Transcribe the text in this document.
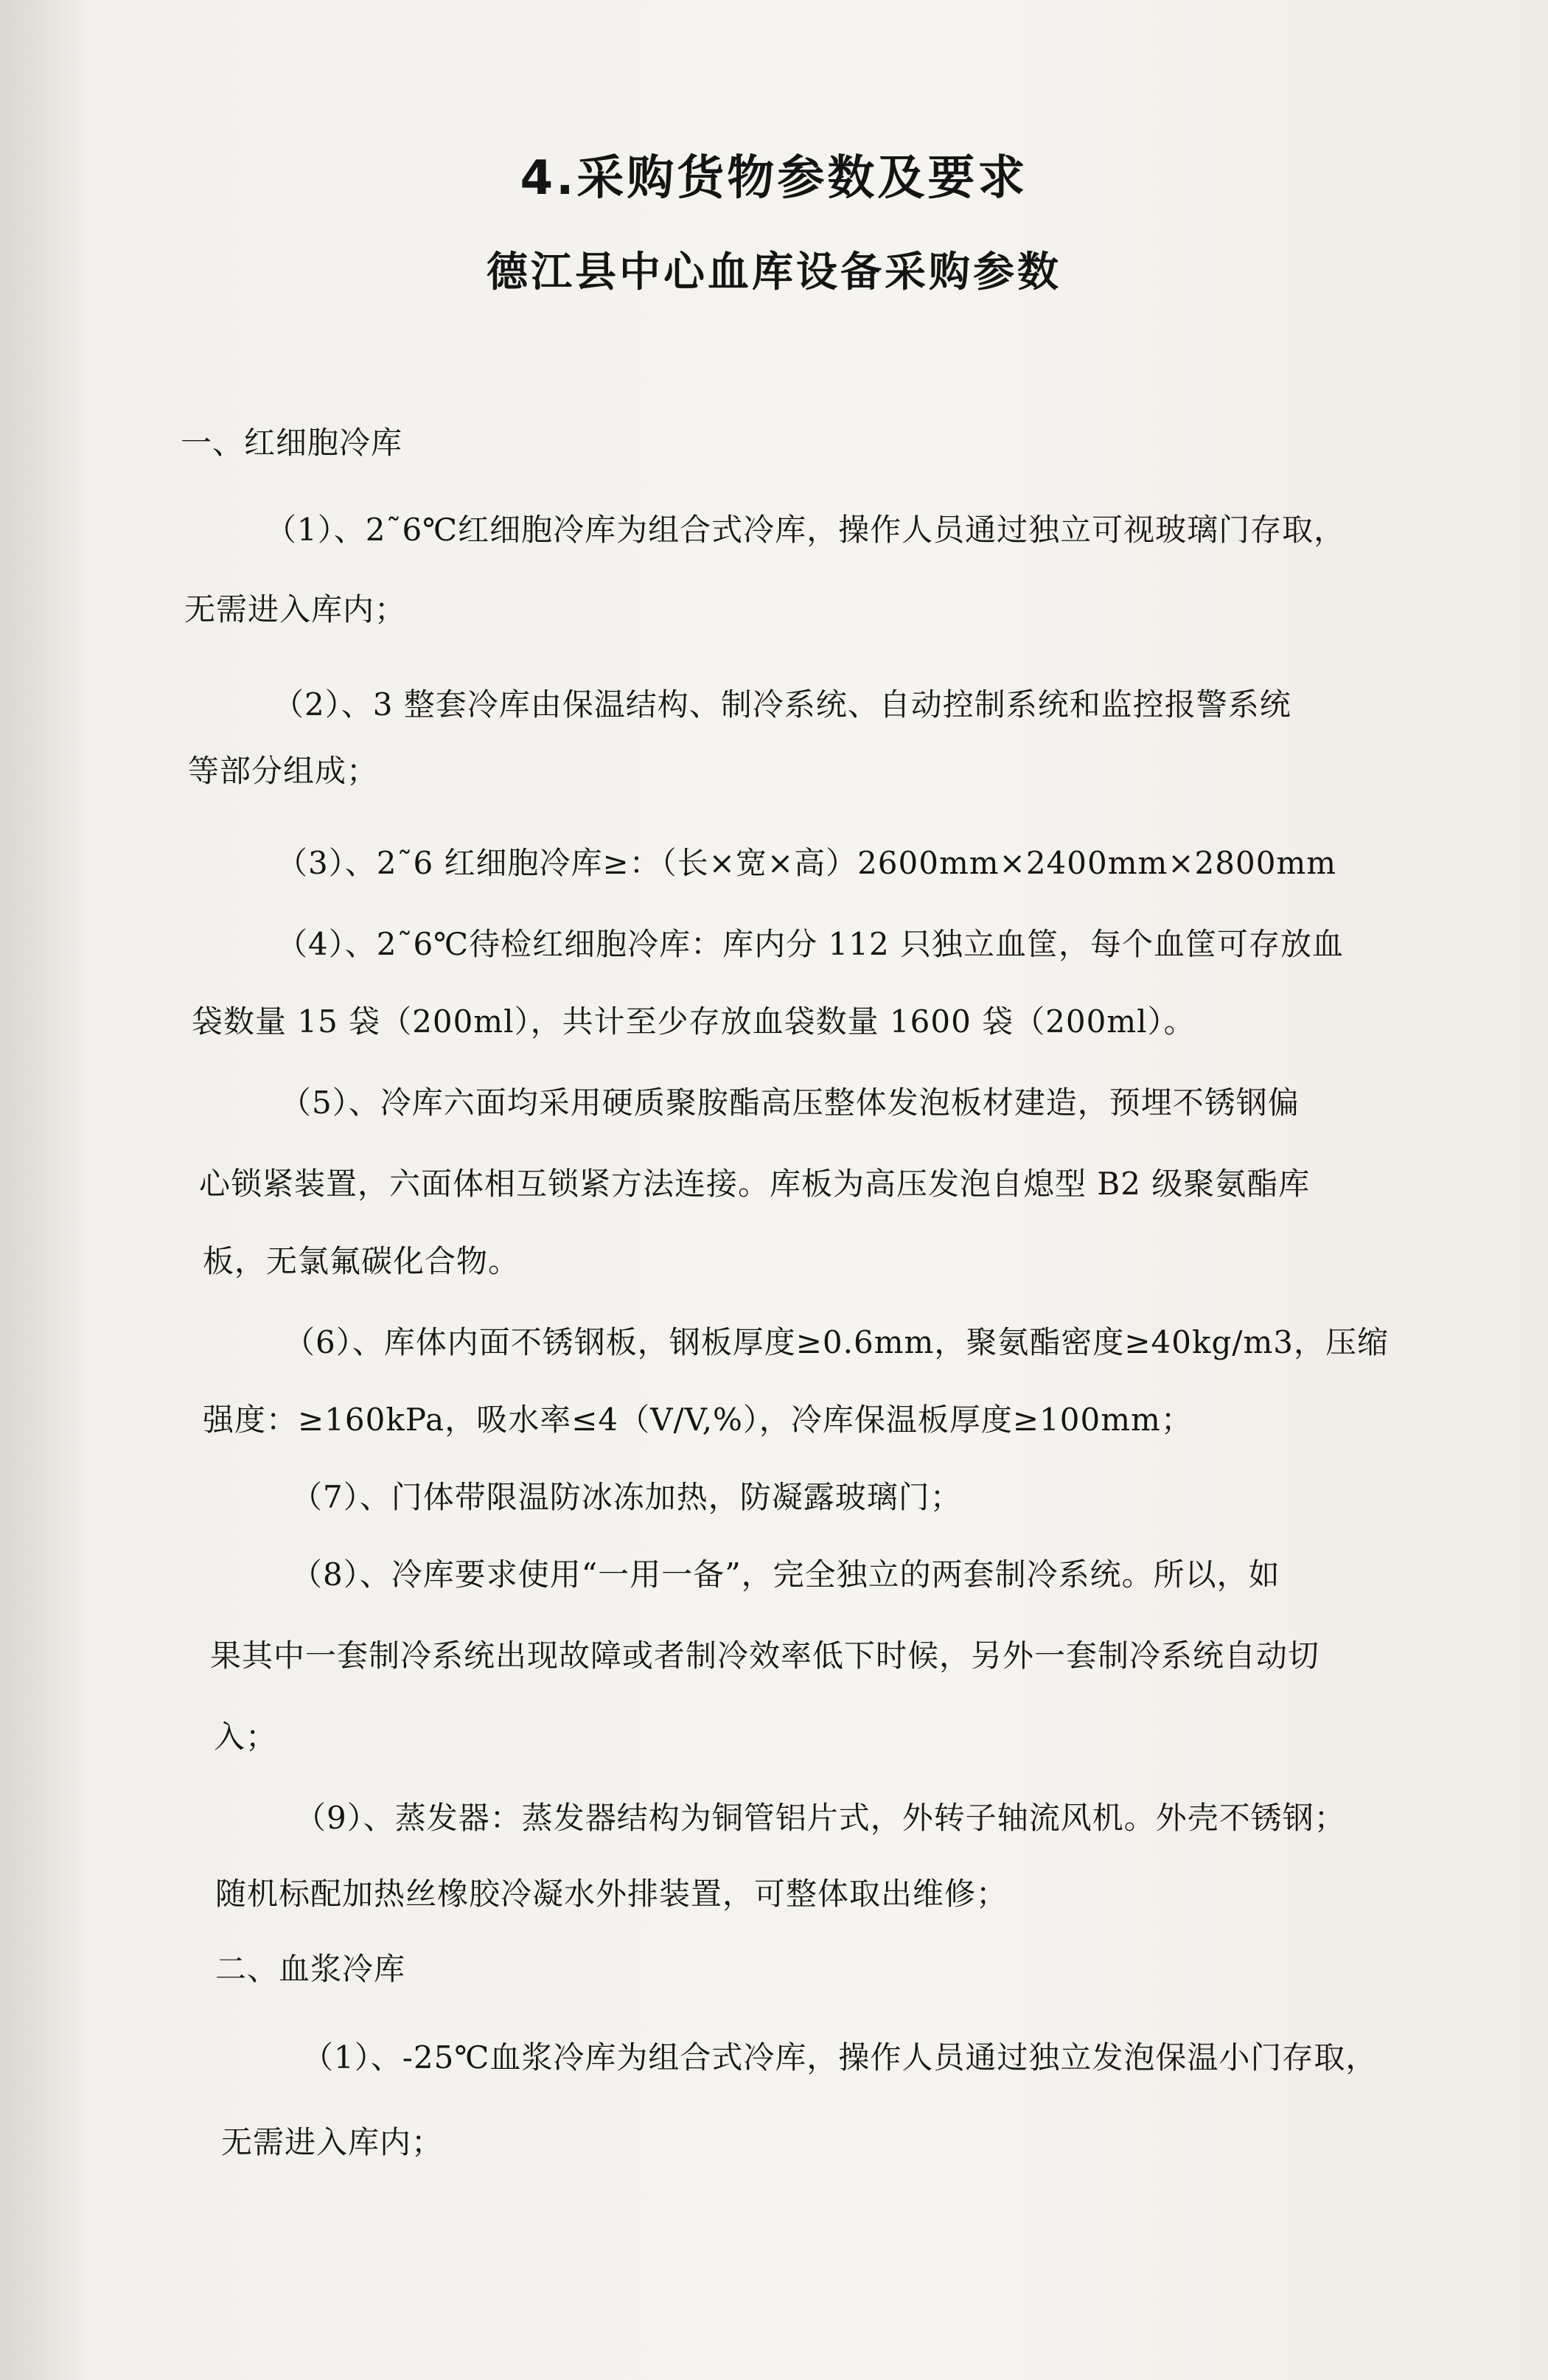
4.采购货物参数及要求
德江县中心血库设备采购参数
一、红细胞冷库
（1）、2˜6℃红细胞冷库为组合式冷库，操作人员通过独立可视玻璃门存取，
无需进入库内；
（2）、3 整套冷库由保温结构、制冷系统、自动控制系统和监控报警系统
等部分组成；
（3）、2˜6 红细胞冷库≥：（长×宽×高）2600mm×2400mm×2800mm
（4）、2˜6℃待检红细胞冷库：库内分 112 只独立血筐，每个血筐可存放血
袋数量 15 袋（200ml），共计至少存放血袋数量 1600 袋（200ml）。
（5）、冷库六面均采用硬质聚胺酯高压整体发泡板材建造，预埋不锈钢偏
心锁紧装置，六面体相互锁紧方法连接。库板为高压发泡自熄型 B2 级聚氨酯库
板，无氯氟碳化合物。
（6）、库体内面不锈钢板，钢板厚度≥0.6mm，聚氨酯密度≥40kg/m3，压缩
强度：≥160kPa，吸水率≤4（V/V,%），冷库保温板厚度≥100mm；
（7）、门体带限温防冰冻加热，防凝露玻璃门；
（8）、冷库要求使用“一用一备”，完全独立的两套制冷系统。所以，如
果其中一套制冷系统出现故障或者制冷效率低下时候，另外一套制冷系统自动切
入；
（9）、蒸发器：蒸发器结构为铜管铝片式，外转子轴流风机。外壳不锈钢；
随机标配加热丝橡胶冷凝水外排装置，可整体取出维修；
二、血浆冷库
（1）、-25℃血浆冷库为组合式冷库，操作人员通过独立发泡保温小门存取，
无需进入库内；
